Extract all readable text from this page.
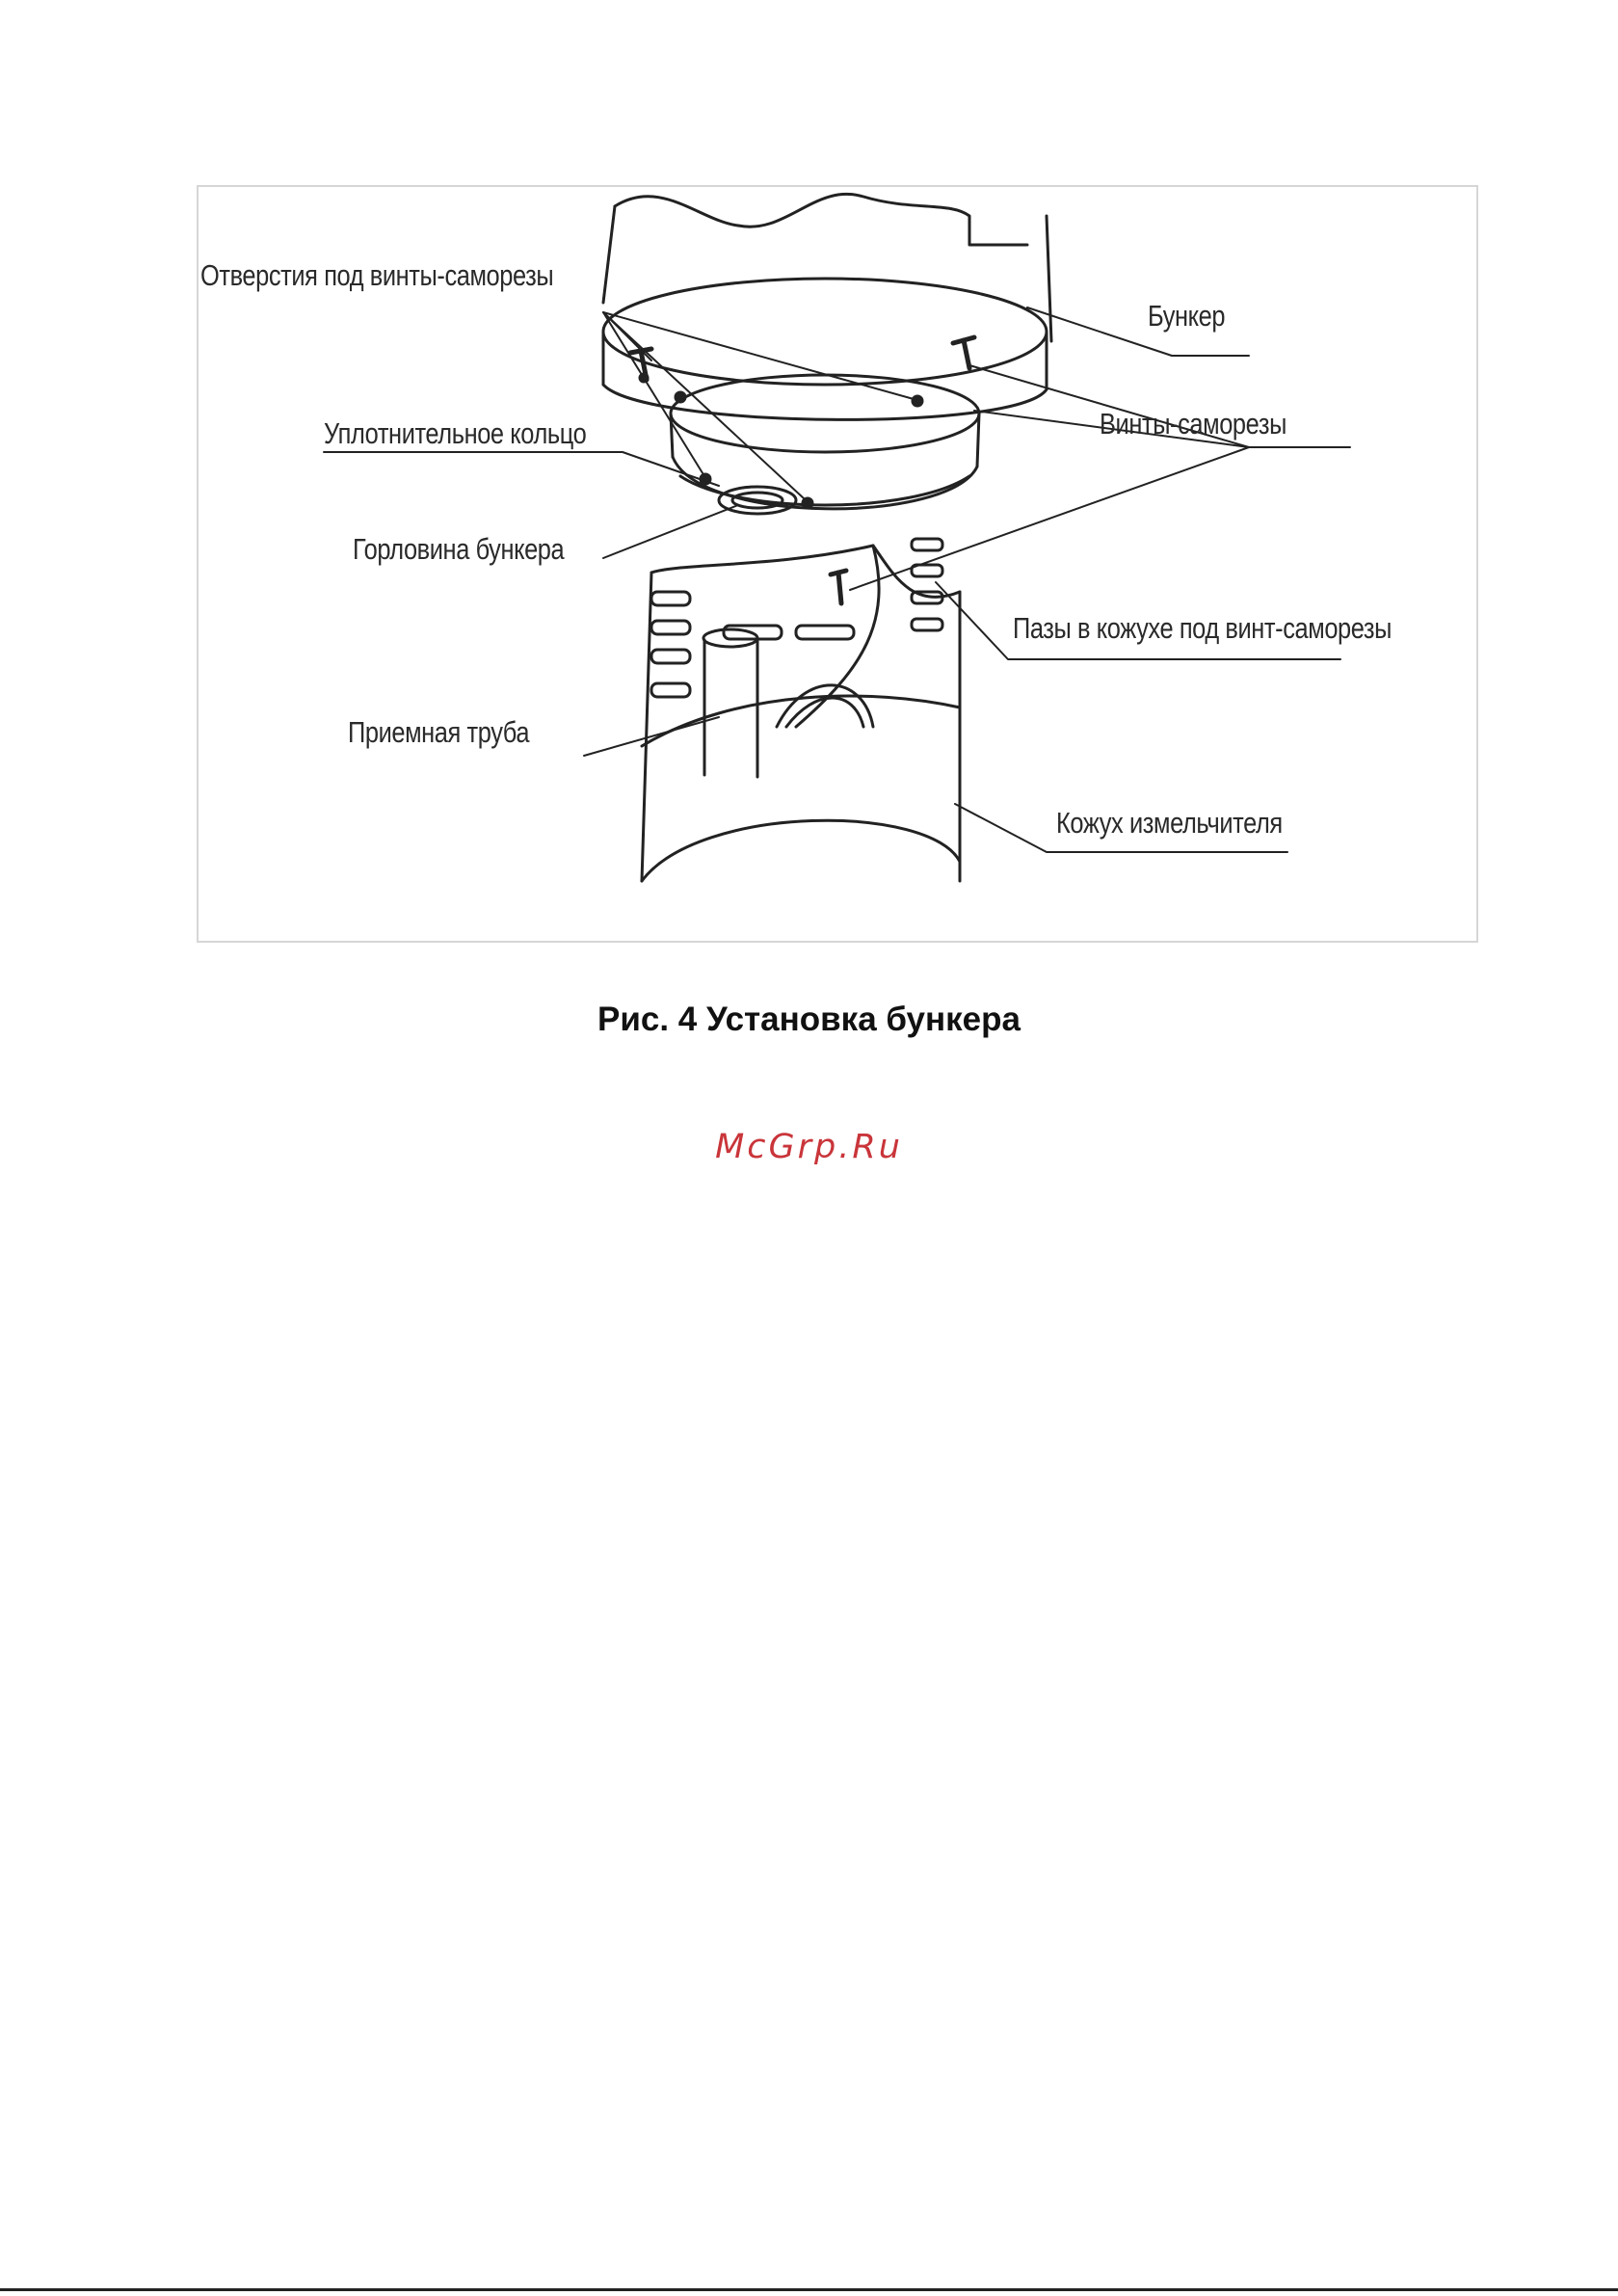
Отверстия под винты-саморезы
Бункер
Уплотнительное кольцо	Винты-саморезы
Горловина бункера
Пазы в кожухе под винт-саморезы
Приемная труба
Кожух измельчителя
Рис. 4 Установка бункера
McGrp.Ru
